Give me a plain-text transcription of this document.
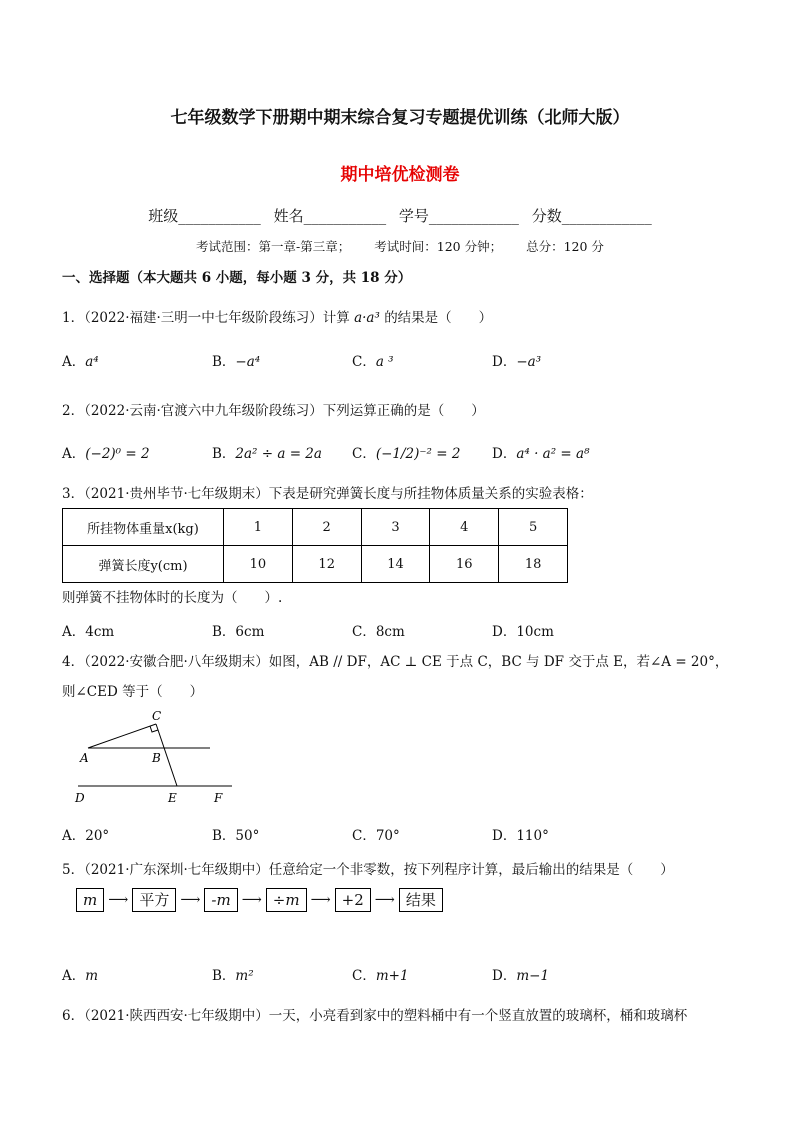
七年级数学下册期中期末综合复习专题提优训练（北师大版）
期中培优检测卷
班级___________ 姓名___________ 学号____________ 分数____________
考试范围：第一章-第三章； 考试时间：120 分钟； 总分：120 分
一、选择题（本大题共 6 小题，每小题 3 分，共 18 分）
1．（2022·福建·三明一中七年级阶段练习）计算 a·a³ 的结果是（　　）
A．a⁴	B．−a⁴	C．a ³	D．−a³
2．（2022·云南·官渡六中九年级阶段练习）下列运算正确的是（　　）
A．(−2)⁰ = 2	B．2a² ÷ a = 2a C．(−1/2)⁻² = 2 D．a⁴ · a² = a⁸
3．（2021·贵州毕节·七年级期末）下表是研究弹簧长度与所挂物体质量关系的实验表格：
所挂物体重量x(kg)	1	2	3	4	5
弹簧长度y(cm)	10	12	14	16	18
则弹簧不挂物体时的长度为（　　）.
A．4cm	B．6cm	C．8cm	D．10cm
4．（2022·安徽合肥·八年级期末）如图，AB // DF，AC ⊥ CE 于点 C，BC 与 DF 交于点 E，若∠A = 20°，
则∠CED 等于（　　）
C
A	B
D	E	F
A．20°	B．50°	C．70°	D．110°
5．（2021·广东深圳·七年级期中）任意给定一个非零数，按下列程序计算，最后输出的结果是（　　）
m ⟶ 平方 ⟶ -m ⟶ ÷m ⟶ +2 ⟶ 结果
A．m	B．m²	C．m+1	D．m−1
6．（2021·陕西西安·七年级期中）一天，小亮看到家中的塑料桶中有一个竖直放置的玻璃杯，桶和玻璃杯
